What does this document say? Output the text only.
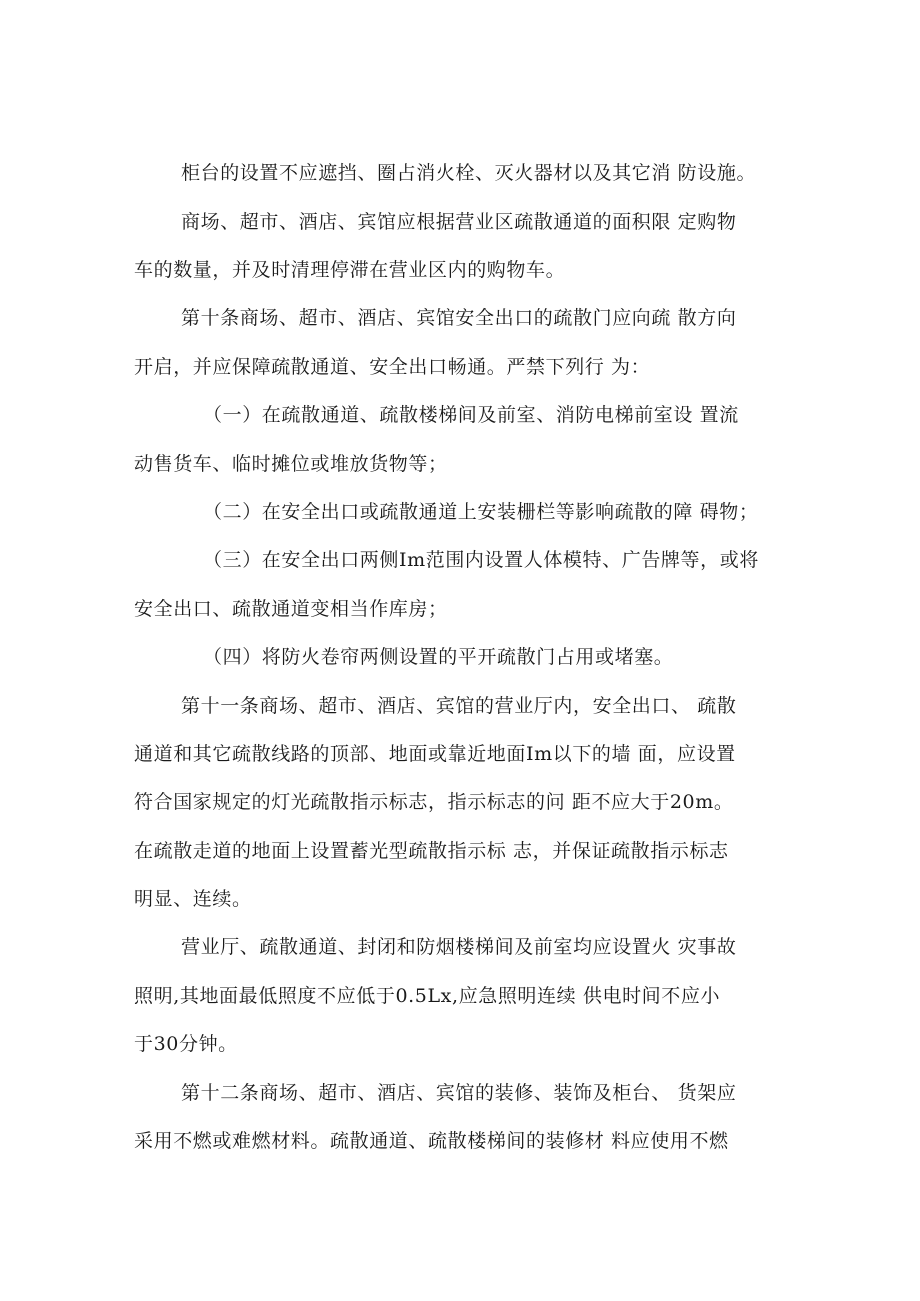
柜台的设置不应遮挡、圈占消火栓、灭火器材以及其它消 防设施。

商场、超市、酒店、宾馆应根据营业区疏散通道的面积限 定购物

车的数量，并及时清理停滞在营业区内的购物车。

第十条商场、超市、酒店、宾馆安全出口的疏散门应向疏 散方向

开启，并应保障疏散通道、安全出口畅通。严禁下列行 为：

（一）在疏散通道、疏散楼梯间及前室、消防电梯前室设 置流

动售货车、临时摊位或堆放货物等；

（二）在安全出口或疏散通道上安装栅栏等影响疏散的障 碍物；

（三）在安全出口两侧Im范围内设置人体模特、广告牌等，或将

安全出口、疏散通道变相当作库房；

（四）将防火卷帘两侧设置的平开疏散门占用或堵塞。

第十一条商场、超市、酒店、宾馆的营业厅内，安全出口、 疏散

通道和其它疏散线路的顶部、地面或靠近地面Im以下的墙 面，应设置

符合国家规定的灯光疏散指示标志，指示标志的问 距不应大于20m。

在疏散走道的地面上设置蓄光型疏散指示标 志，并保证疏散指示标志

明显、连续。

营业厅、疏散通道、封闭和防烟楼梯间及前室均应设置火 灾事故

照明,其地面最低照度不应低于0.5Lx,应急照明连续 供电时间不应小

于30分钟。

第十二条商场、超市、酒店、宾馆的装修、装饰及柜台、 货架应

采用不燃或难燃材料。疏散通道、疏散楼梯间的装修材 料应使用不燃
